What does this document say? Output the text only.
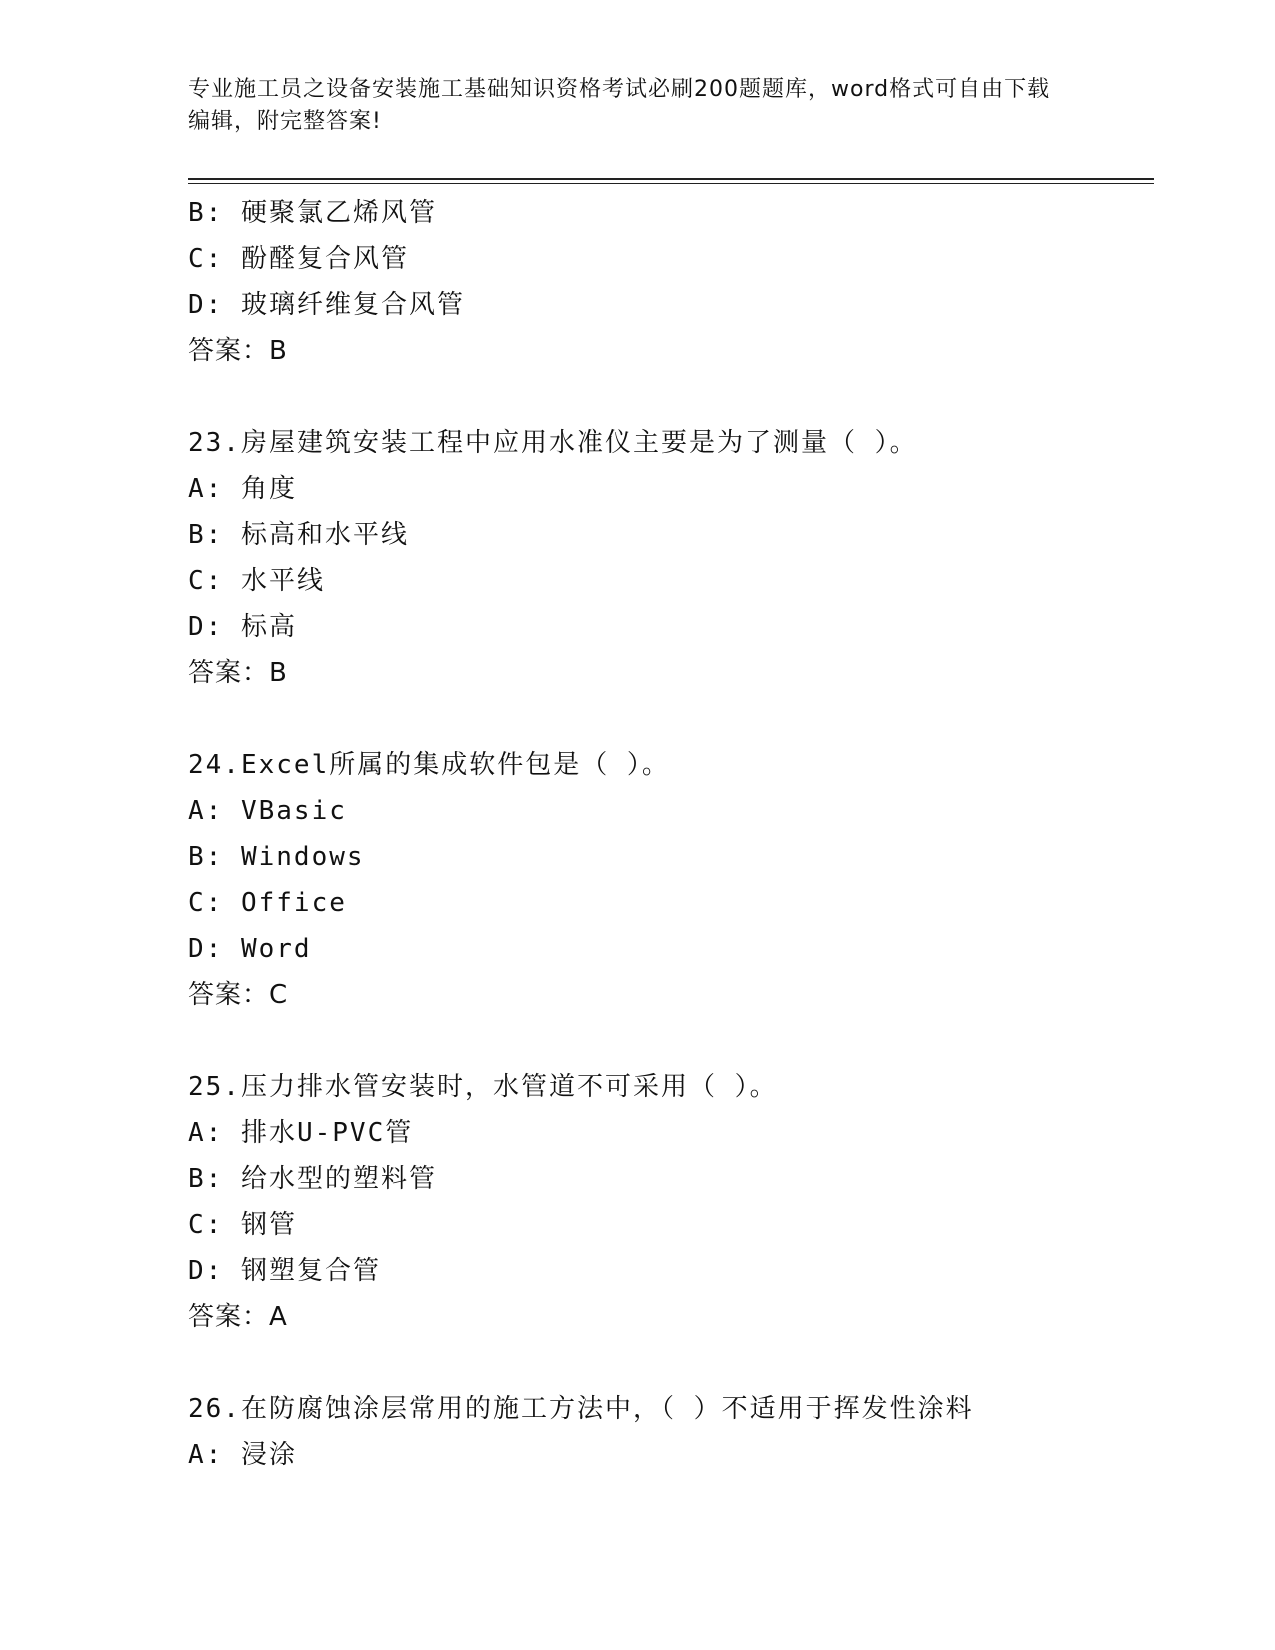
专业施工员之设备安装施工基础知识资格考试必刷200题题库，word格式可自由下载编辑，附完整答案!
B: 硬聚氯乙烯风管
C: 酚醛复合风管
D: 玻璃纤维复合风管
答案：B
23.房屋建筑安装工程中应用水准仪主要是为了测量（ ）。
A: 角度
B: 标高和水平线
C: 水平线
D: 标高
答案：B
24.Excel所属的集成软件包是（ ）。
A: VBasic
B: Windows
C: Office
D: Word
答案：C
25.压力排水管安装时，水管道不可采用（ ）。
A: 排水U-PVC管
B: 给水型的塑料管
C: 钢管
D: 钢塑复合管
答案：A
26.在防腐蚀涂层常用的施工方法中，（ ）不适用于挥发性涂料
A: 浸涂
